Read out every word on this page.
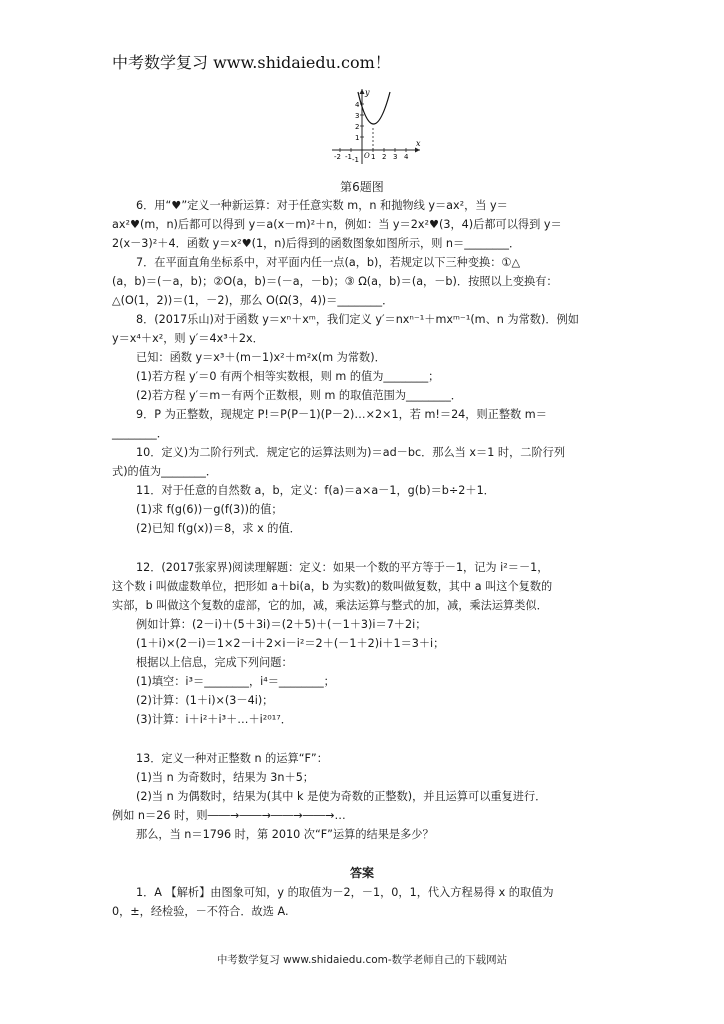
中考数学复习 www.shidaiedu.com！
y
x
O
4
3
2
1
-1
-2 -1	1 2 3 4
第6题图

6．用“♥”定义一种新运算：对于任意实数 m，n 和抛物线 y＝ax²，当 y＝

ax²♥(m，n)后都可以得到 y＝a(x－m)²＋n，例如：当 y＝2x²♥(3，4)后都可以得到 y＝

2(x－3)²＋4．函数 y＝x²♥(1，n)后得到的函数图象如图所示，则 n＝________．

7．在平面直角坐标系中，对平面内任一点(a，b)，若规定以下三种变换：①△

(a，b)＝(－a，b)；②O(a，b)＝(－a，－b)；③ Ω(a，b)＝(a，－b)．按照以上变换有：

△(O(1，2))＝(1，－2)，那么 O(Ω(3，4))＝________．

8．(2017乐山)对于函数 y＝xⁿ＋xᵐ，我们定义 y′＝nxⁿ⁻¹＋mxᵐ⁻¹(m、n 为常数)．例如

y＝x⁴＋x²，则 y′＝4x³＋2x．

已知：函数 y＝x³＋(m－1)x²＋m²x(m 为常数)．

(1)若方程 y′＝0 有两个相等实数根，则 m 的值为________；

(2)若方程 y′＝m－有两个正数根，则 m 的取值范围为________．

9．P 为正整数，现规定 P!＝P(P－1)(P－2)…×2×1，若 m!＝24，则正整数 m＝

________．

10．定义)为二阶行列式．规定它的运算法则为)＝ad－bc．那么当 x＝1 时，二阶行列

式)的值为________．

11．对于任意的自然数 a，b，定义：f(a)＝a×a－1，g(b)＝b÷2＋1．

(1)求 f(g(6))－g(f(3))的值；

(2)已知 f(g(x))＝8，求 x 的值．

12．(2017张家界)阅读理解题：定义：如果一个数的平方等于－1，记为 i²＝－1，

这个数 i 叫做虚数单位，把形如 a＋bi(a，b 为实数)的数叫做复数，其中 a 叫这个复数的

实部，b 叫做这个复数的虚部，它的加，减，乘法运算与整式的加，减，乘法运算类似．

例如计算：(2－i)＋(5＋3i)＝(2＋5)＋(－1＋3)i＝7＋2i；

(1＋i)×(2－i)＝1×2－i＋2×i－i²＝2＋(－1＋2)i＋1＝3＋i；

根据以上信息，完成下列问题：

(1)填空：i³＝________，i⁴＝________；

(2)计算：(1＋i)×(3－4i)；

(3)计算：i＋i²＋i³＋…＋i²⁰¹⁷．

13．定义一种对正整数 n 的运算“F”：

(1)当 n 为奇数时，结果为 3n＋5；

(2)当 n 为偶数时，结果为(其中 k 是使为奇数的正整数)，并且运算可以重复进行．

例如 n＝26 时，则――→――→――→――→…

那么，当 n＝1796 时，第 2010 次“F”运算的结果是多少？

答案

1．A 【解析】由图象可知，y 的取值为－2，－1，0，1，代入方程易得 x 的取值为

0，±，经检验，－不符合．故选 A.

中考数学复习 www.shidaiedu.com-数学老师自己的下载网站
